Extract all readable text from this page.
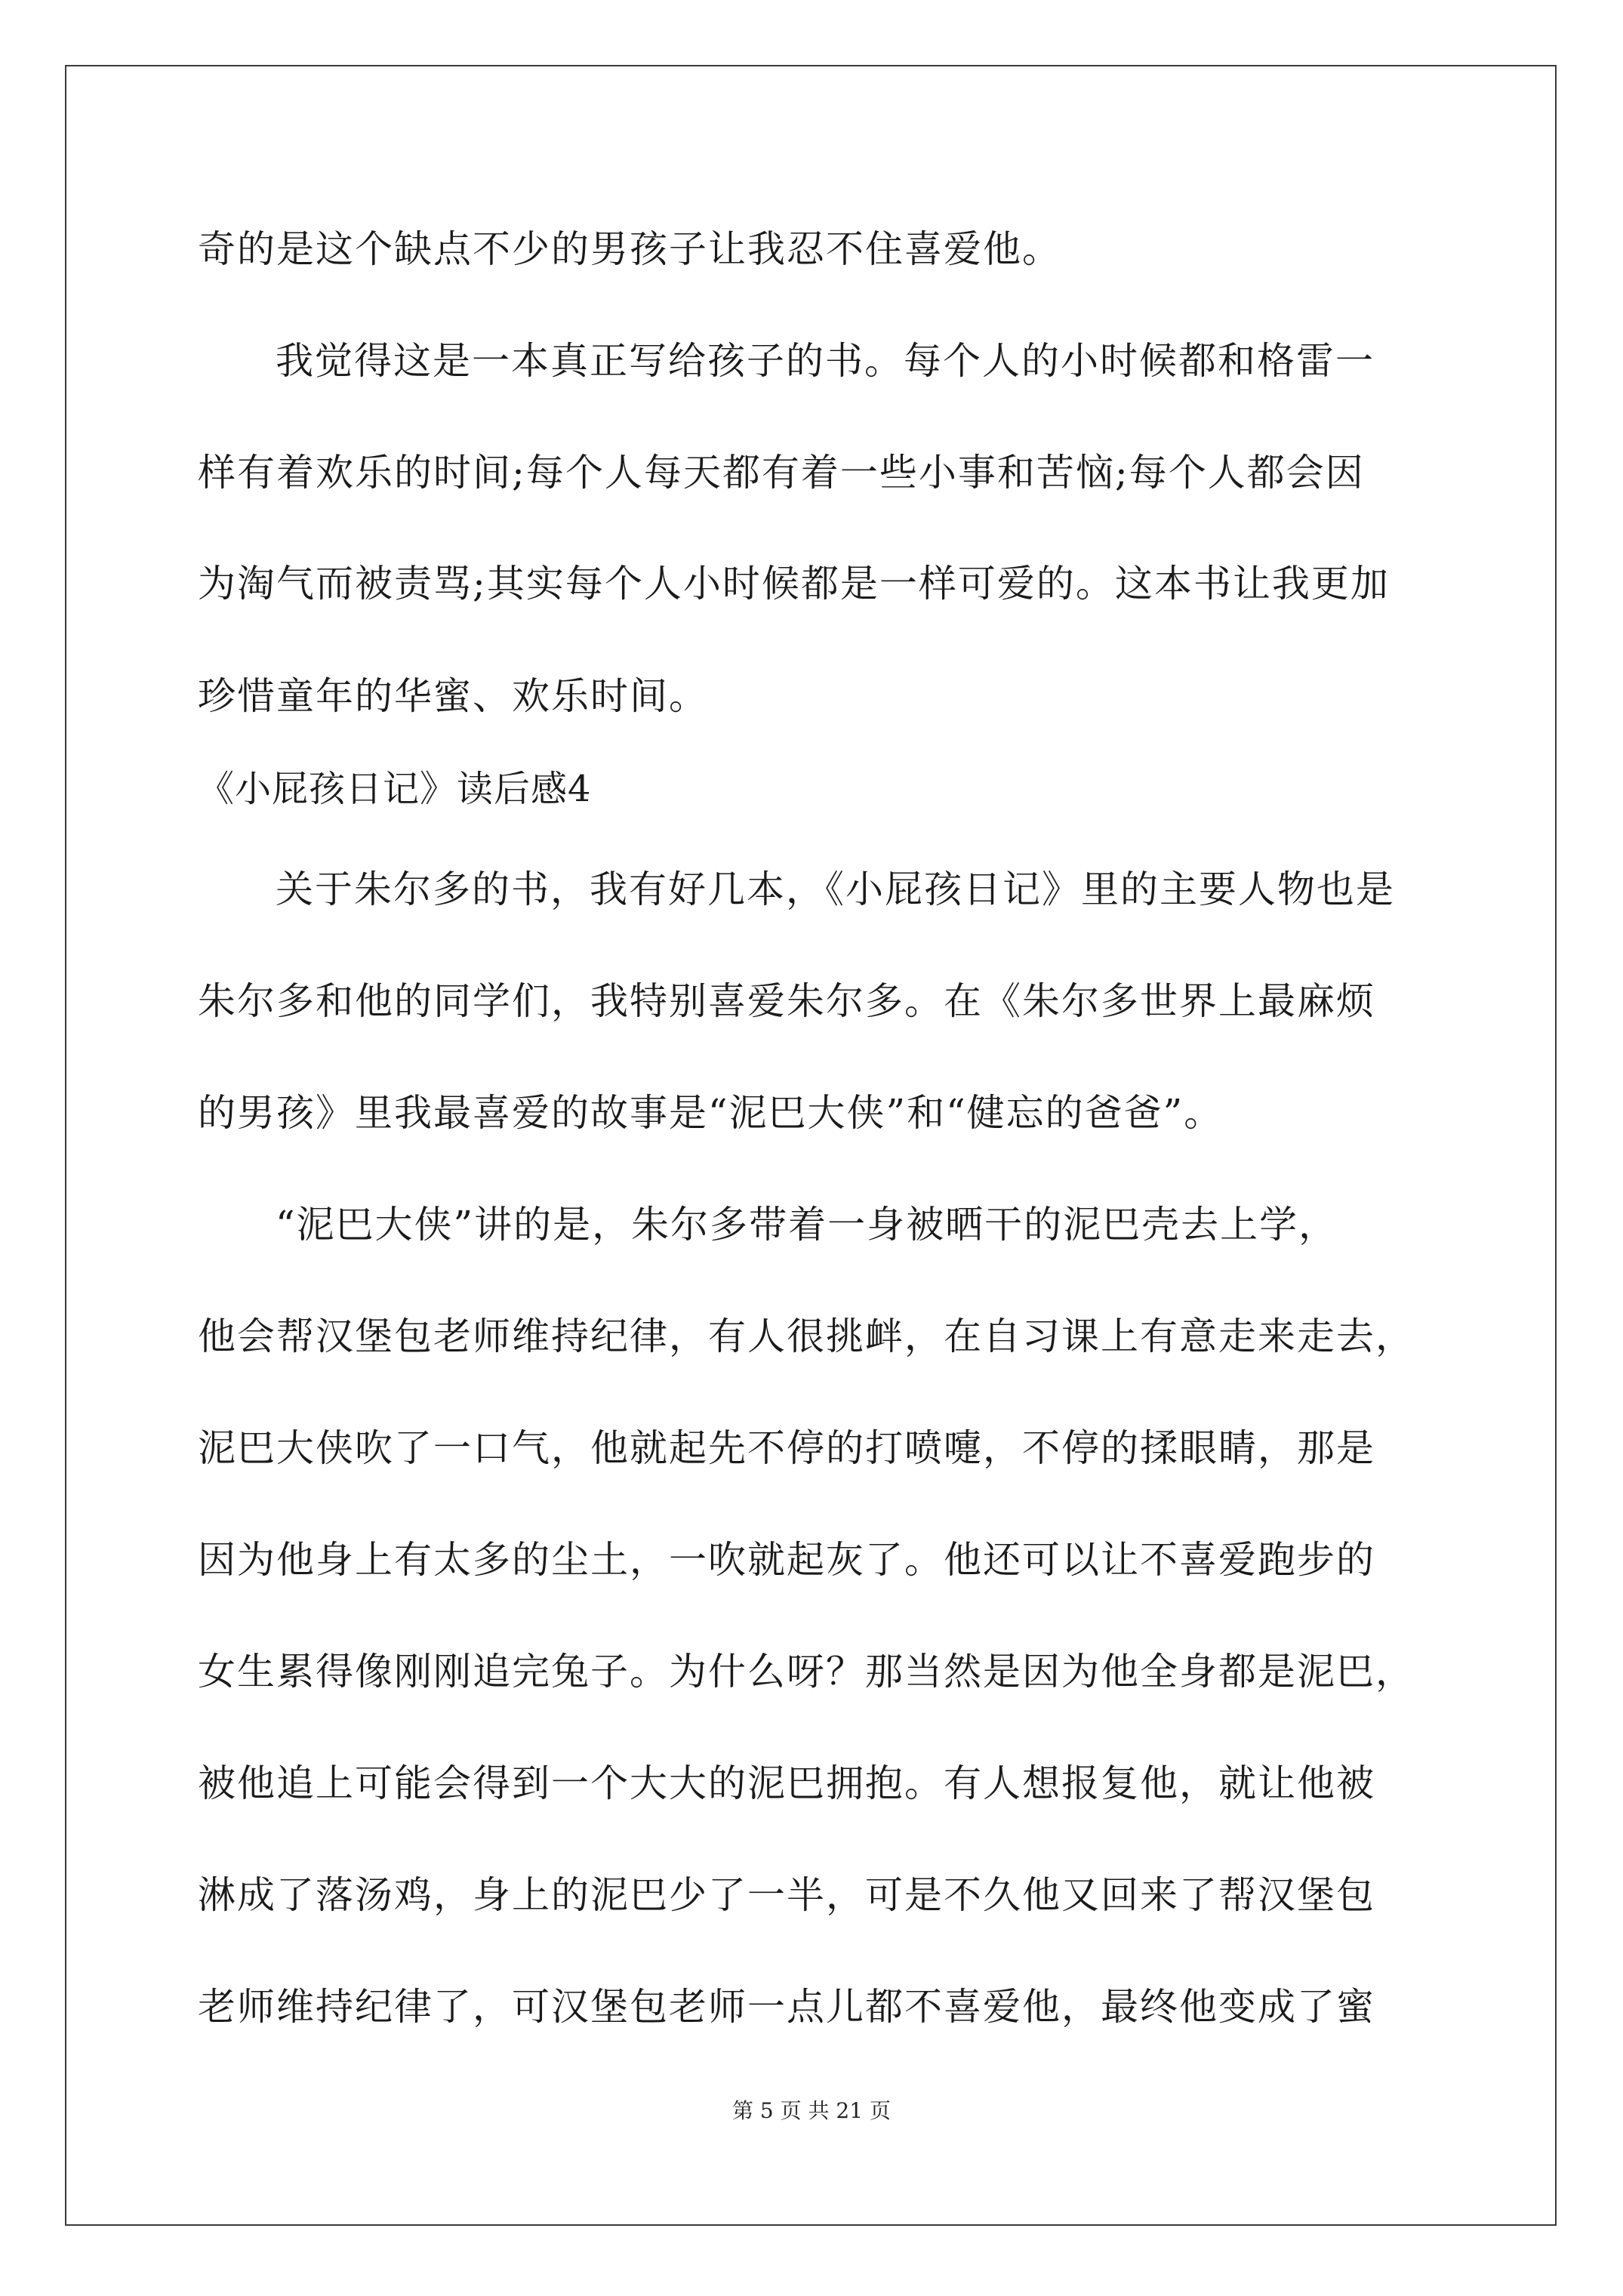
奇的是这个缺点不少的男孩子让我忍不住喜爱他。
我觉得这是一本真正写给孩子的书。每个人的小时候都和格雷一
样有着欢乐的时间;每个人每天都有着一些小事和苦恼;每个人都会因
为淘气而被责骂;其实每个人小时候都是一样可爱的。这本书让我更加
珍惜童年的华蜜、欢乐时间。
《小屁孩日记》读后感4
关于朱尔多的书，我有好几本，《小屁孩日记》里的主要人物也是
朱尔多和他的同学们，我特别喜爱朱尔多。在《朱尔多世界上最麻烦
的男孩》里我最喜爱的故事是“泥巴大侠”和“健忘的爸爸”。
“泥巴大侠”讲的是，朱尔多带着一身被晒干的泥巴壳去上学，
他会帮汉堡包老师维持纪律，有人很挑衅，在自习课上有意走来走去，
泥巴大侠吹了一口气，他就起先不停的打喷嚏，不停的揉眼睛，那是
因为他身上有太多的尘土，一吹就起灰了。他还可以让不喜爱跑步的
女生累得像刚刚追完兔子。为什么呀？那当然是因为他全身都是泥巴，
被他追上可能会得到一个大大的泥巴拥抱。有人想报复他，就让他被
淋成了落汤鸡，身上的泥巴少了一半，可是不久他又回来了帮汉堡包
老师维持纪律了，可汉堡包老师一点儿都不喜爱他，最终他变成了蜜
第 5 页 共 21 页
